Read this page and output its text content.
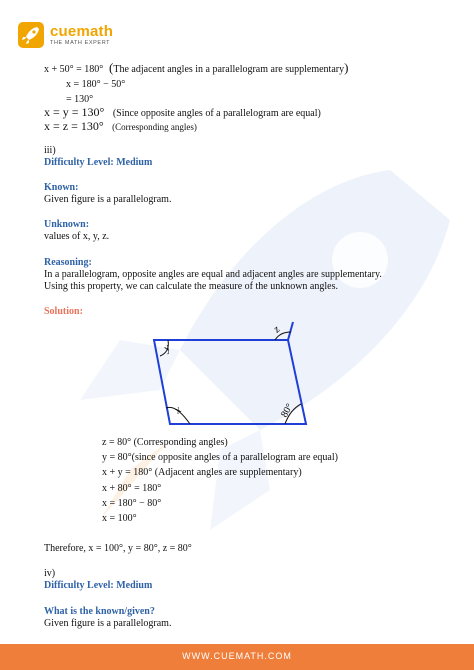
cuemath
THE MATH EXPERT
x + 50° = 180°  (The adjacent angles in a parallelogram are supplementary)
x = 180° − 50°
= 130°
x = y = 130° (Since opposite angles of a parallelogram are equal)
x = z = 130° (Corresponding angles)
iii)
Difficulty Level: Medium
Known:
Given figure is a parallelogram.
Unknown:
values of x, y, z.
Reasoning:
In a parallelogram, opposite angles are equal and adjacent angles are supplementary.
Using this property, we can calculate the measure of the unknown angles.
Solution:
y
z
x	80°
z = 80° (Corresponding angles)
y = 80°(since opposite angles of a parallelogram are equal)
x + y = 180° (Adjacent angles are supplementary)
x + 80° = 180°
x = 180° − 80°
x = 100°
Therefore, x = 100°, y = 80°, z = 80°
iv)
Difficulty Level: Medium
What is the known/given?
Given figure is a parallelogram.
WWW.CUEMATH.COM
